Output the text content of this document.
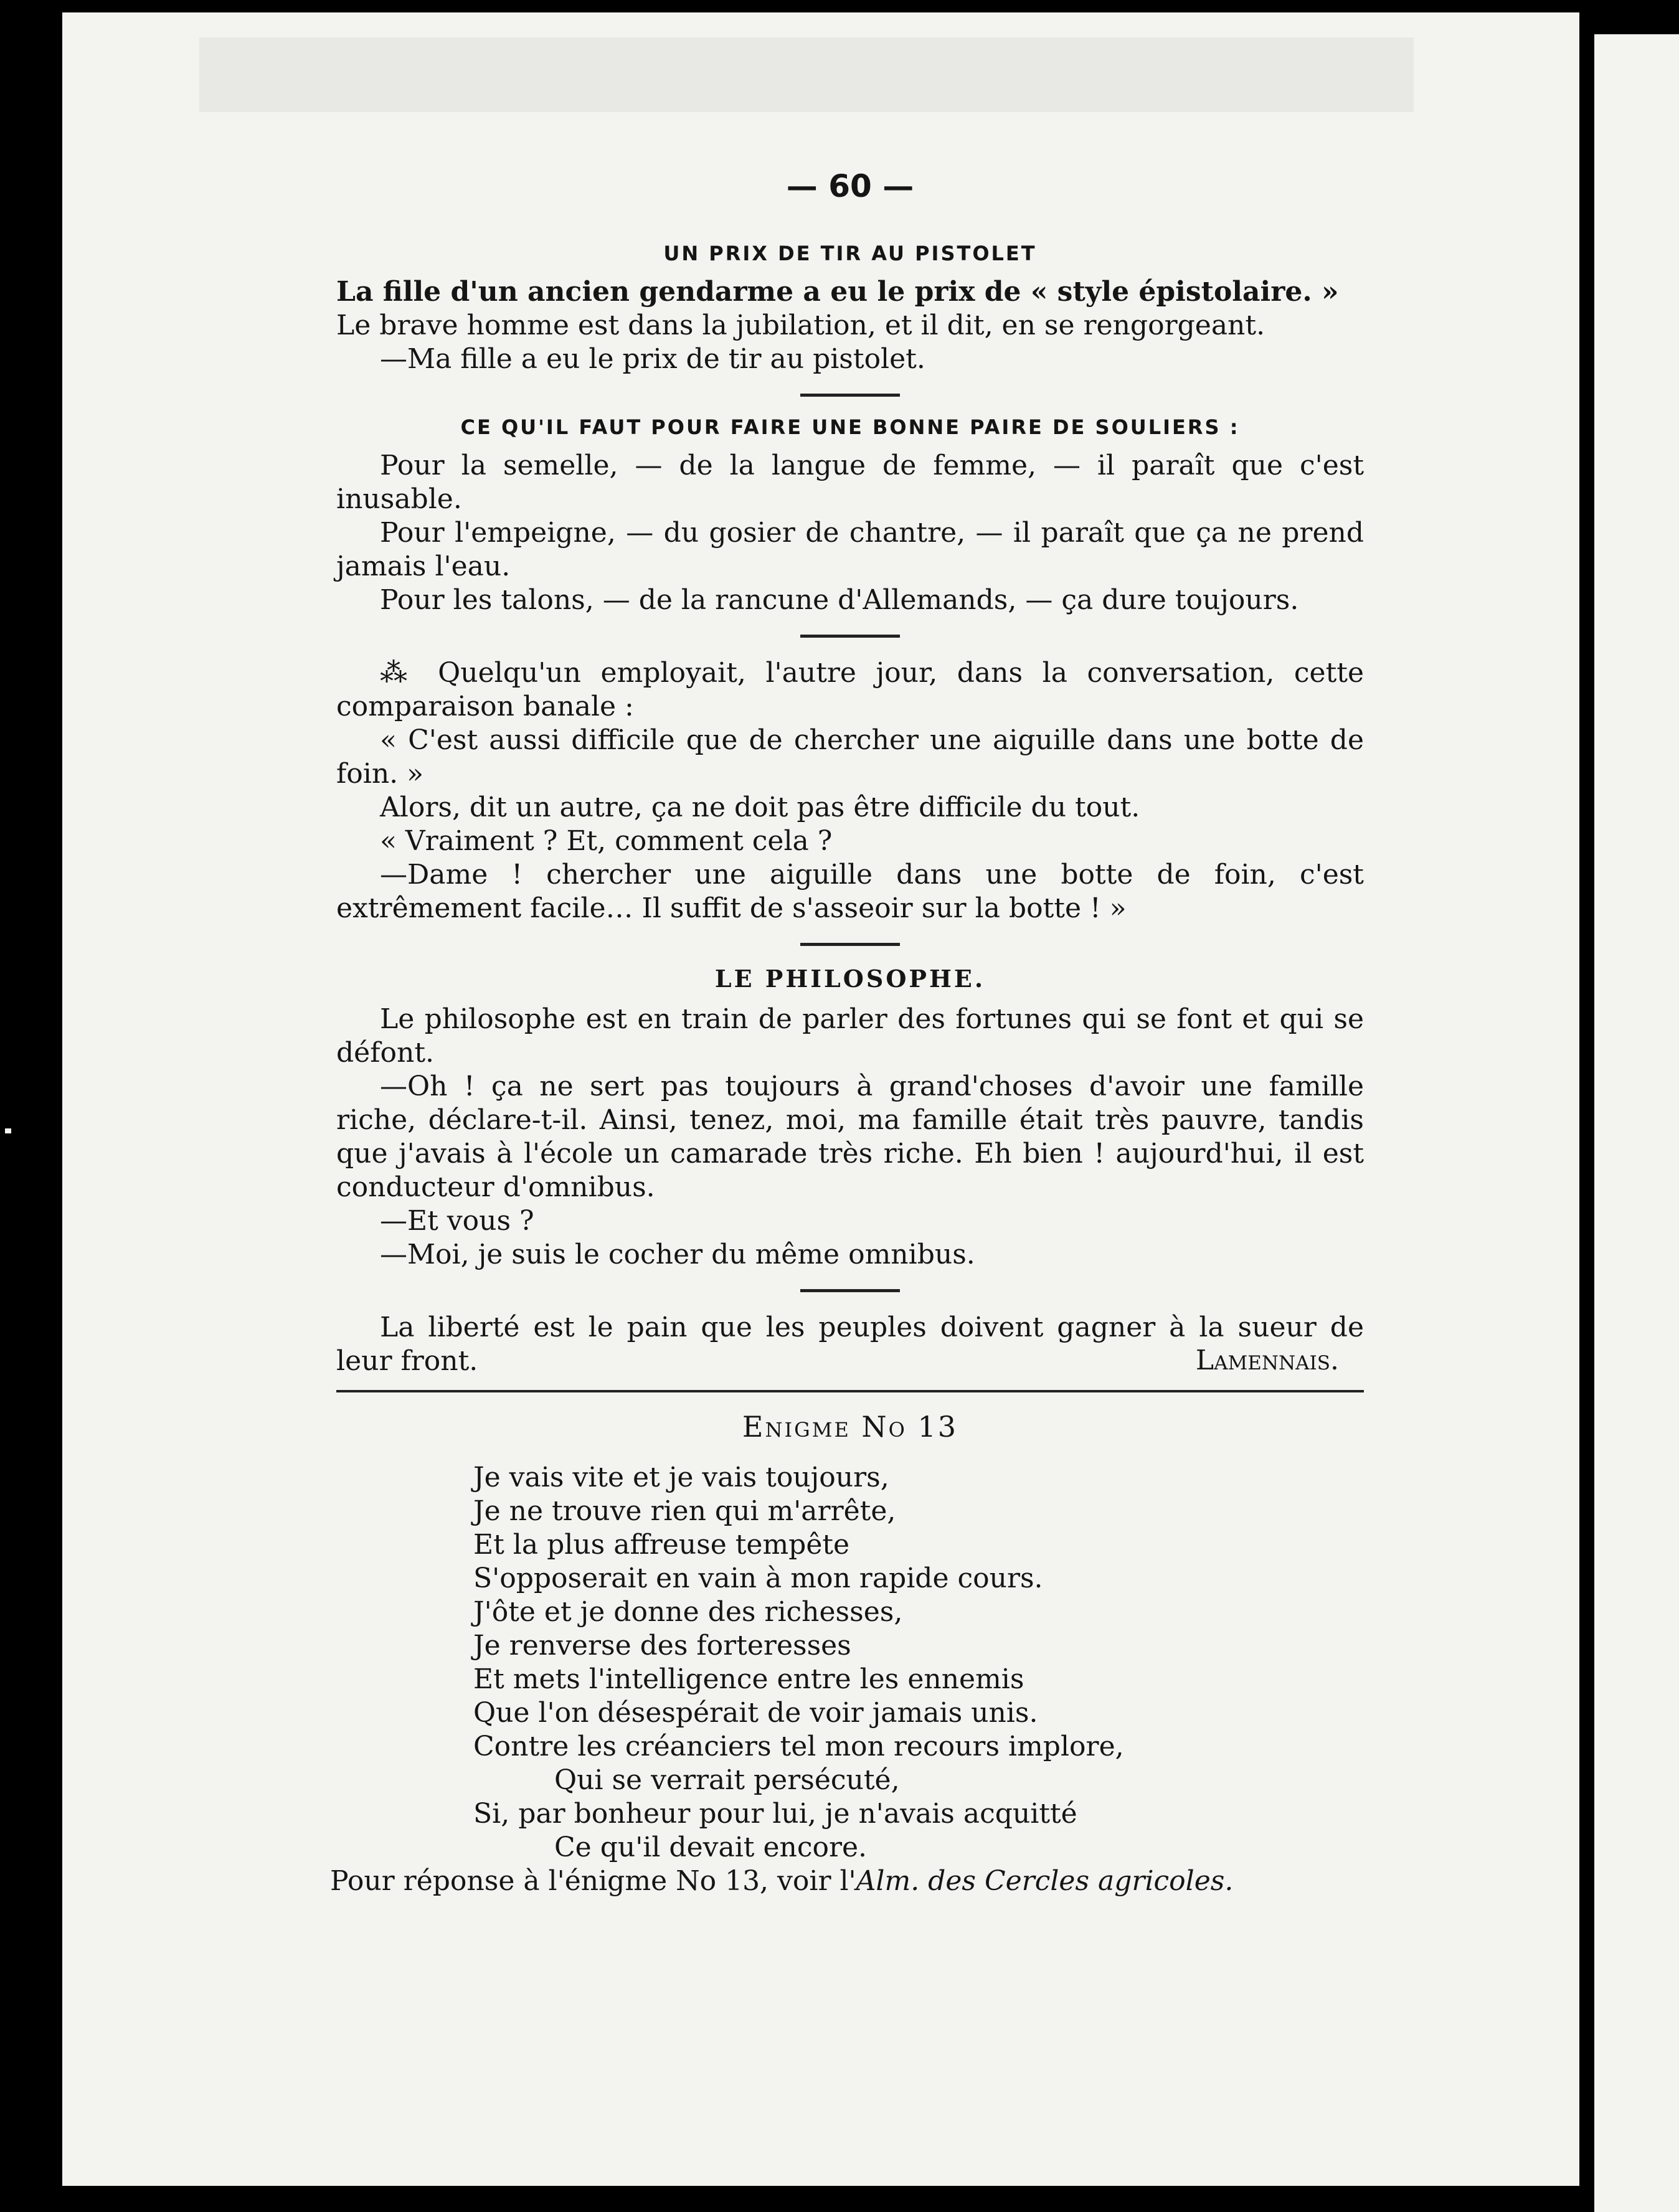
— 60 —
UN PRIX DE TIR AU PISTOLET

La fille d'un ancien gendarme a eu le prix de « style épistolaire. »

Le brave homme est dans la jubilation, et il dit, en se rengorgeant.

—Ma fille a eu le prix de tir au pistolet.

CE QU'IL FAUT POUR FAIRE UNE BONNE PAIRE DE SOULIERS :

Pour la semelle, — de la langue de femme, — il paraît que c'est inusable.

Pour l'empeigne, — du gosier de chantre, — il paraît que ça ne prend jamais l'eau.

Pour les talons, — de la rancune d'Allemands, — ça dure toujours.

⁂ Quelqu'un employait, l'autre jour, dans la conversation, cette comparaison banale :

« C'est aussi difficile que de chercher une aiguille dans une botte de foin. »

Alors, dit un autre, ça ne doit pas être difficile du tout.

« Vraiment ? Et, comment cela ?

—Dame ! chercher une aiguille dans une botte de foin, c'est extrêmement facile… Il suffit de s'asseoir sur la botte ! »

LE PHILOSOPHE.

Le philosophe est en train de parler des fortunes qui se font et qui se défont.

—Oh ! ça ne sert pas toujours à grand'choses d'avoir une famille riche, déclare-t-il. Ainsi, tenez, moi, ma famille était très pauvre, tandis que j'avais à l'école un camarade très riche. Eh bien ! aujourd'hui, il est conducteur d'omnibus.

—Et vous ?

—Moi, je suis le cocher du même omnibus.

La liberté est le pain que les peuples doivent gagner à la sueur de leur front.	Lamennais.
Enigme No 13
Je vais vite et je vais toujours,
Je ne trouve rien qui m'arrête,
Et la plus affreuse tempête
S'opposerait en vain à mon rapide cours.
J'ôte et je donne des richesses,
Je renverse des forteresses
Et mets l'intelligence entre les ennemis
Que l'on désespérait de voir jamais unis.
Contre les créanciers tel mon recours implore,
Qui se verrait persécuté,
Si, par bonheur pour lui, je n'avais acquitté
Ce qu'il devait encore.
Pour réponse à l'énigme No 13, voir l'Alm. des Cercles agricoles.
